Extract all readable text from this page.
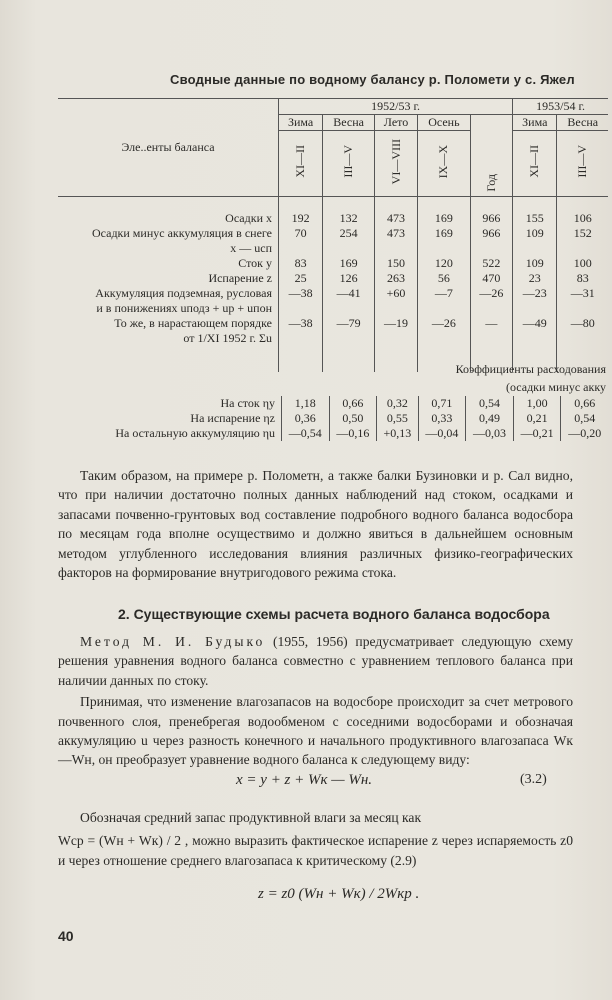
Сводные данные по водному балансу р. Поломети у с. Яжел
Эле..енты баланса	1952/53 г.					1953/54 г.	
	Зима	Весна	Лето	Осень	Год	Зима	Весна
	XI—II	III—V	VI—VIII	IX—X		XI—II	III—V
Осадки x	192	132	473	169	966	155	106
Осадки минус аккумуляция в снеге	70	254	473	169	966	109	152
x — uсп							
Сток y	83	169	150	120	522	109	100
Испарение z	25	126	263	56	470	23	83
Аккумуляция подземная, русловая	—38	—41	+60	—7	—26	—23	—31
и в понижениях uподз + uр + uпон							
То же, в нарастающем порядке	—38	—79	—19	—26	—	—49	—80
от 1/XI 1952 г. Σu							

Коэффициенты расходования
(осадки минус акку
На сток ηy	1,18	0,66	0,32	0,71	0,54	1,00	0,66
На испарение ηz	0,36	0,50	0,55	0,33	0,49	0,21	0,54
На остальную аккумуляцию ηu	—0,54	—0,16	+0,13	—0,04	—0,03	—0,21	—0,20

Таким образом, на примере р. Полометн, а также балки Бузиновки и р. Сал видно, что при наличии достаточно полных данных наблюдений над стоком, осадками и запасами почвенно-грунтовых вод составление подробного водного баланса водосбора по месяцам года вполне осуществимо и должно явиться в дальнейшем основным методом углубленного исследования влияния различных физико-географических факторов на формирование внутригодового режима стока.

2. Существующие схемы расчета водного баланса водосбора

Метод М. И. Будыко (1955, 1956) предусматривает следующую схему решения уравнения водного баланса совместно с уравнением теплового баланса при наличии данных по стоку.

Принимая, что изменение влагозапасов на водосборе происходит за счет метрового почвенного слоя, пренебрегая водообменом с соседними водосборами и обозначая аккумуляцию u через разность конечного и начального продуктивного влагозапаса Wк—Wн, он преобразует уравнение водного баланса к следующему виду:

x = y + z + Wк — Wн.	(3.2)

Обозначая средний запас продуктивной влаги за месяц как

Wср = (Wн + Wк) / 2 , можно выразить фактическое испарение z через испаряемость z0 и через отношение среднего влагозапаса к критическому (2.9)

z = z0 (Wн + Wк) / 2Wкр .
40
